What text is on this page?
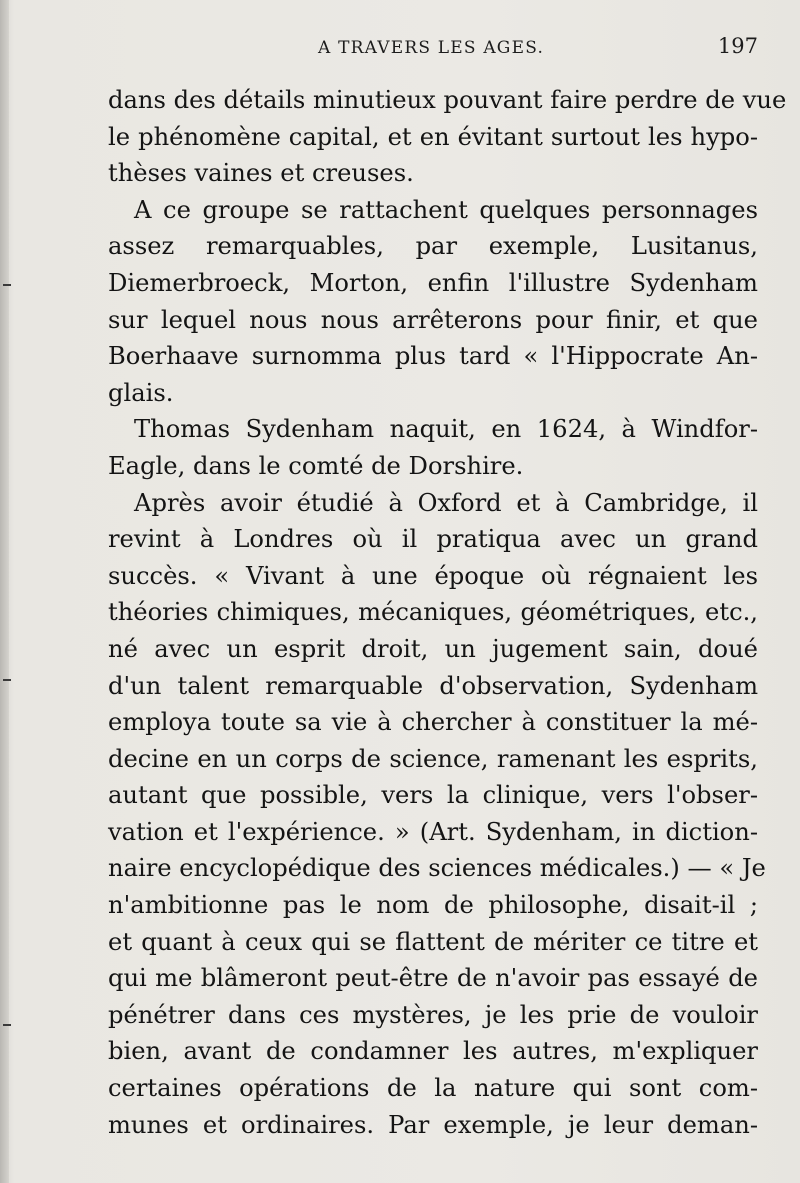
A TRAVERS LES AGES.	197
dans des détails minutieux pouvant faire perdre de vue
le phénomène capital, et en évitant surtout les hypo-
thèses vaines et creuses.
A ce groupe se rattachent quelques personnages
assez remarquables, par exemple, Lusitanus,
Diemerbroeck, Morton, enfin l'illustre Sydenham
sur lequel nous nous arrêterons pour finir, et que
Boerhaave surnomma plus tard « l'Hippocrate An-
glais.
Thomas Sydenham naquit, en 1624, à Windfor-
Eagle, dans le comté de Dorshire.
Après avoir étudié à Oxford et à Cambridge, il
revint à Londres où il pratiqua avec un grand
succès. « Vivant à une époque où régnaient les
théories chimiques, mécaniques, géométriques, etc.,
né avec un esprit droit, un jugement sain, doué
d'un talent remarquable d'observation, Sydenham
employa toute sa vie à chercher à constituer la mé-
decine en un corps de science, ramenant les esprits,
autant que possible, vers la clinique, vers l'obser-
vation et l'expérience. » (Art. Sydenham, in diction-
naire encyclopédique des sciences médicales.) — « Je
n'ambitionne pas le nom de philosophe, disait-il ;
et quant à ceux qui se flattent de mériter ce titre et
qui me blâmeront peut-être de n'avoir pas essayé de
pénétrer dans ces mystères, je les prie de vouloir
bien, avant de condamner les autres, m'expliquer
certaines opérations de la nature qui sont com-
munes et ordinaires. Par exemple, je leur deman-
